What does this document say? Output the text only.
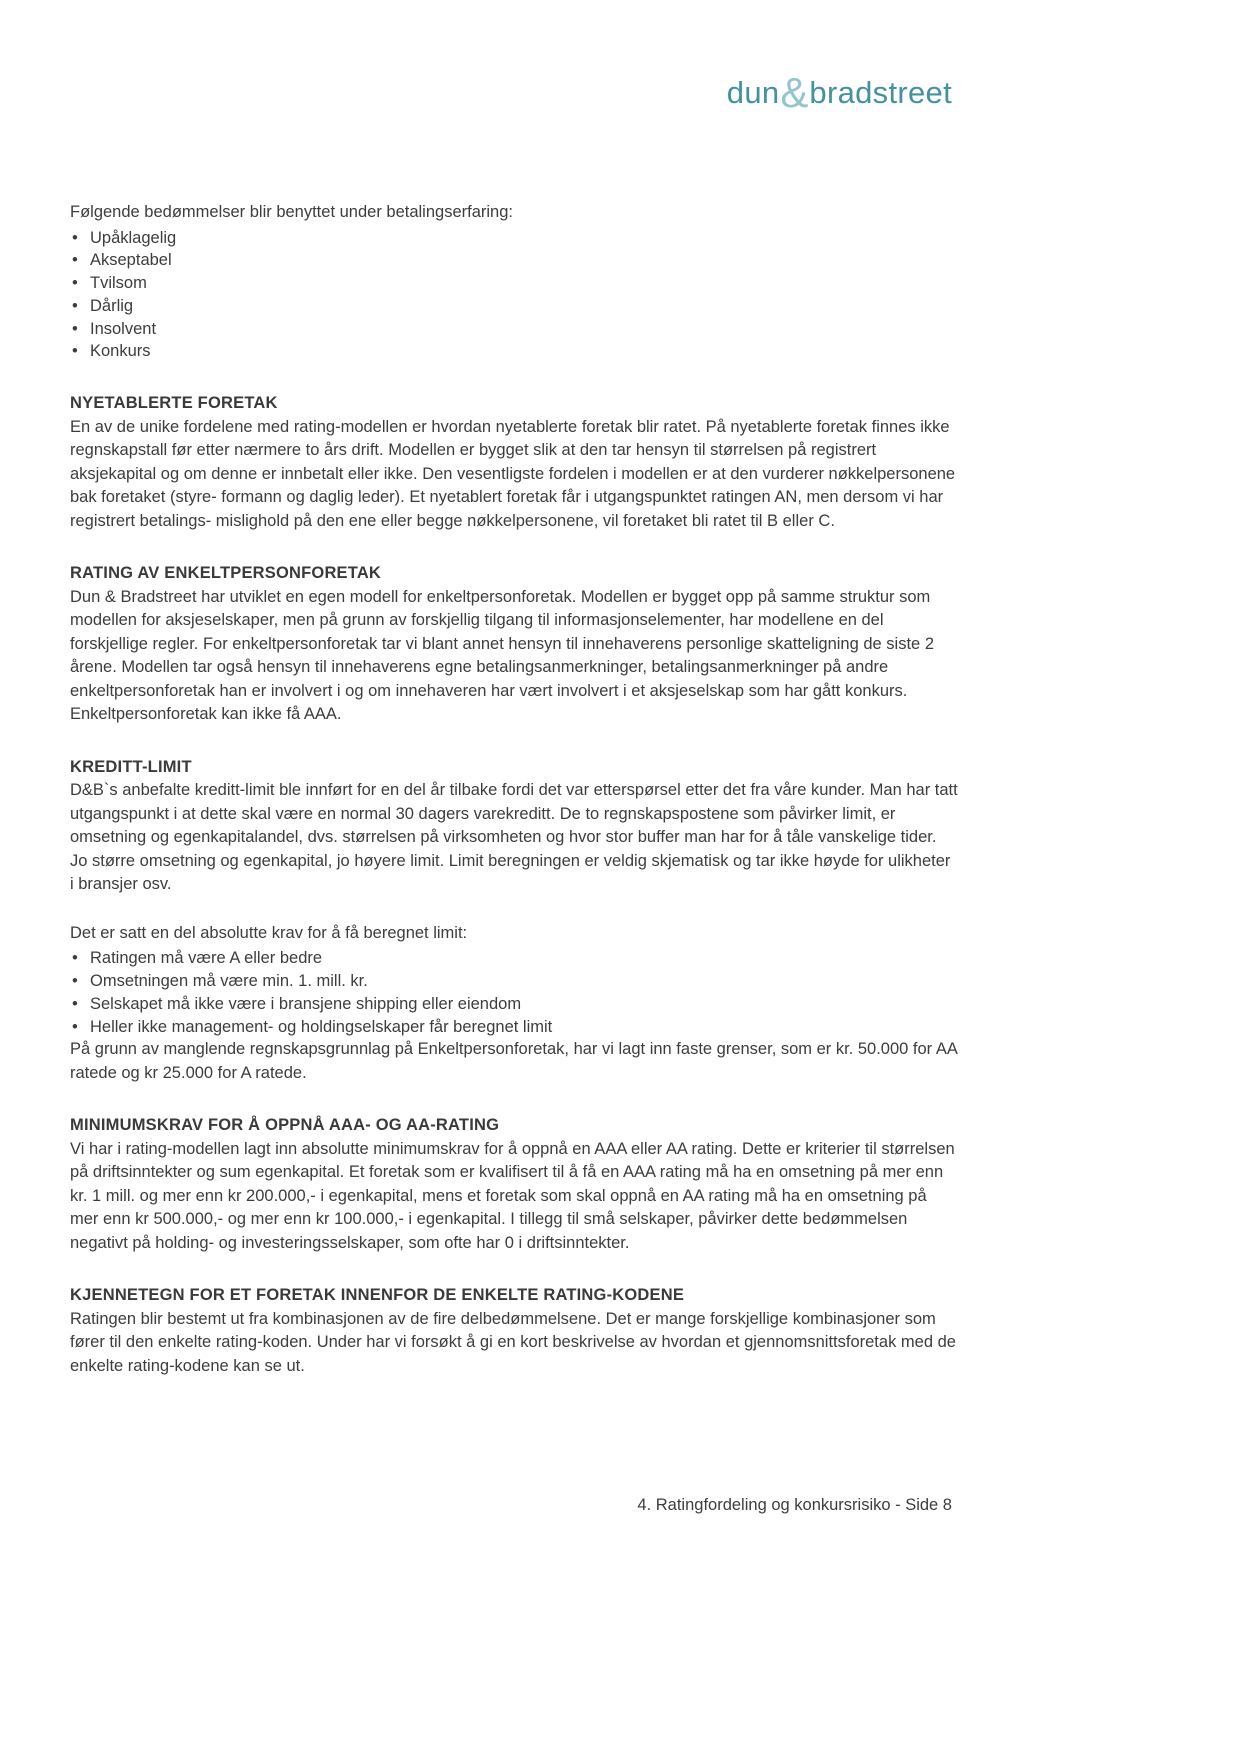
dun&bradstreet

Følgende bedømmelser blir benyttet under betalingserfaring:

• Upåklagelig
• Akseptabel
• Tvilsom
• Dårlig
• Insolvent
• Konkurs
NYETABLERTE FORETAK

En av de unike fordelene med rating-modellen er hvordan nyetablerte foretak blir ratet. På nyetablerte foretak finnes ikke regnskapstall før etter nærmere to års drift. Modellen er bygget slik at den tar hensyn til størrelsen på registrert aksjekapital og om denne er innbetalt eller ikke. Den vesentligste fordelen i modellen er at den vurderer nøkkelpersonene bak foretaket (styre- formann og daglig leder). Et nyetablert foretak får i utgangspunktet ratingen AN, men dersom vi har registrert betalings- mislighold på den ene eller begge nøkkelpersonene, vil foretaket bli ratet til B eller C.

RATING AV ENKELTPERSONFORETAK

Dun & Bradstreet har utviklet en egen modell for enkeltpersonforetak. Modellen er bygget opp på samme struktur som modellen for aksjeselskaper, men på grunn av forskjellig tilgang til informasjonselementer, har modellene en del forskjellige regler. For enkeltpersonforetak tar vi blant annet hensyn til innehaverens personlige skatteligning de siste 2 årene. Modellen tar også hensyn til innehaverens egne betalingsanmerkninger, betalingsanmerkninger på andre enkeltpersonforetak han er involvert i og om innehaveren har vært involvert i et aksjeselskap som har gått konkurs. Enkeltpersonforetak kan ikke få AAA.

KREDITT-LIMIT

D&B`s anbefalte kreditt-limit ble innført for en del år tilbake fordi det var etterspørsel etter det fra våre kunder. Man har tatt utgangspunkt i at dette skal være en normal 30 dagers varekreditt. De to regnskapspostene som påvirker limit, er omsetning og egenkapitalandel, dvs. størrelsen på virksomheten og hvor stor buffer man har for å tåle vanskelige tider. Jo større omsetning og egenkapital, jo høyere limit. Limit beregningen er veldig skjematisk og tar ikke høyde for ulikheter i bransjer osv.

Det er satt en del absolutte krav for å få beregnet limit:

• Ratingen må være A eller bedre
• Omsetningen må være min. 1. mill. kr.
• Selskapet må ikke være i bransjene shipping eller eiendom
• Heller ikke management- og holdingselskaper får beregnet limit

På grunn av manglende regnskapsgrunnlag på Enkeltpersonforetak, har vi lagt inn faste grenser, som er kr. 50.000 for AA ratede og kr 25.000 for A ratede.

MINIMUMSKRAV FOR Å OPPNÅ AAA- OG AA-RATING

Vi har i rating-modellen lagt inn absolutte minimumskrav for å oppnå en AAA eller AA rating. Dette er kriterier til størrelsen på driftsinntekter og sum egenkapital. Et foretak som er kvalifisert til å få en AAA rating må ha en omsetning på mer enn kr. 1 mill. og mer enn kr 200.000,- i egenkapital, mens et foretak som skal oppnå en AA rating må ha en omsetning på mer enn kr 500.000,- og mer enn kr 100.000,- i egenkapital. I tillegg til små selskaper, påvirker dette bedømmelsen negativt på holding- og investeringsselskaper, som ofte har 0 i driftsinntekter.

KJENNETEGN FOR ET FORETAK INNENFOR DE ENKELTE RATING-KODENE

Ratingen blir bestemt ut fra kombinasjonen av de fire delbedømmelsene. Det er mange forskjellige kombinasjoner som fører til den enkelte rating-koden. Under har vi forsøkt å gi en kort beskrivelse av hvordan et gjennomsnittsforetak med de enkelte rating-kodene kan se ut.

4. Ratingfordeling og konkursrisiko - Side 8
